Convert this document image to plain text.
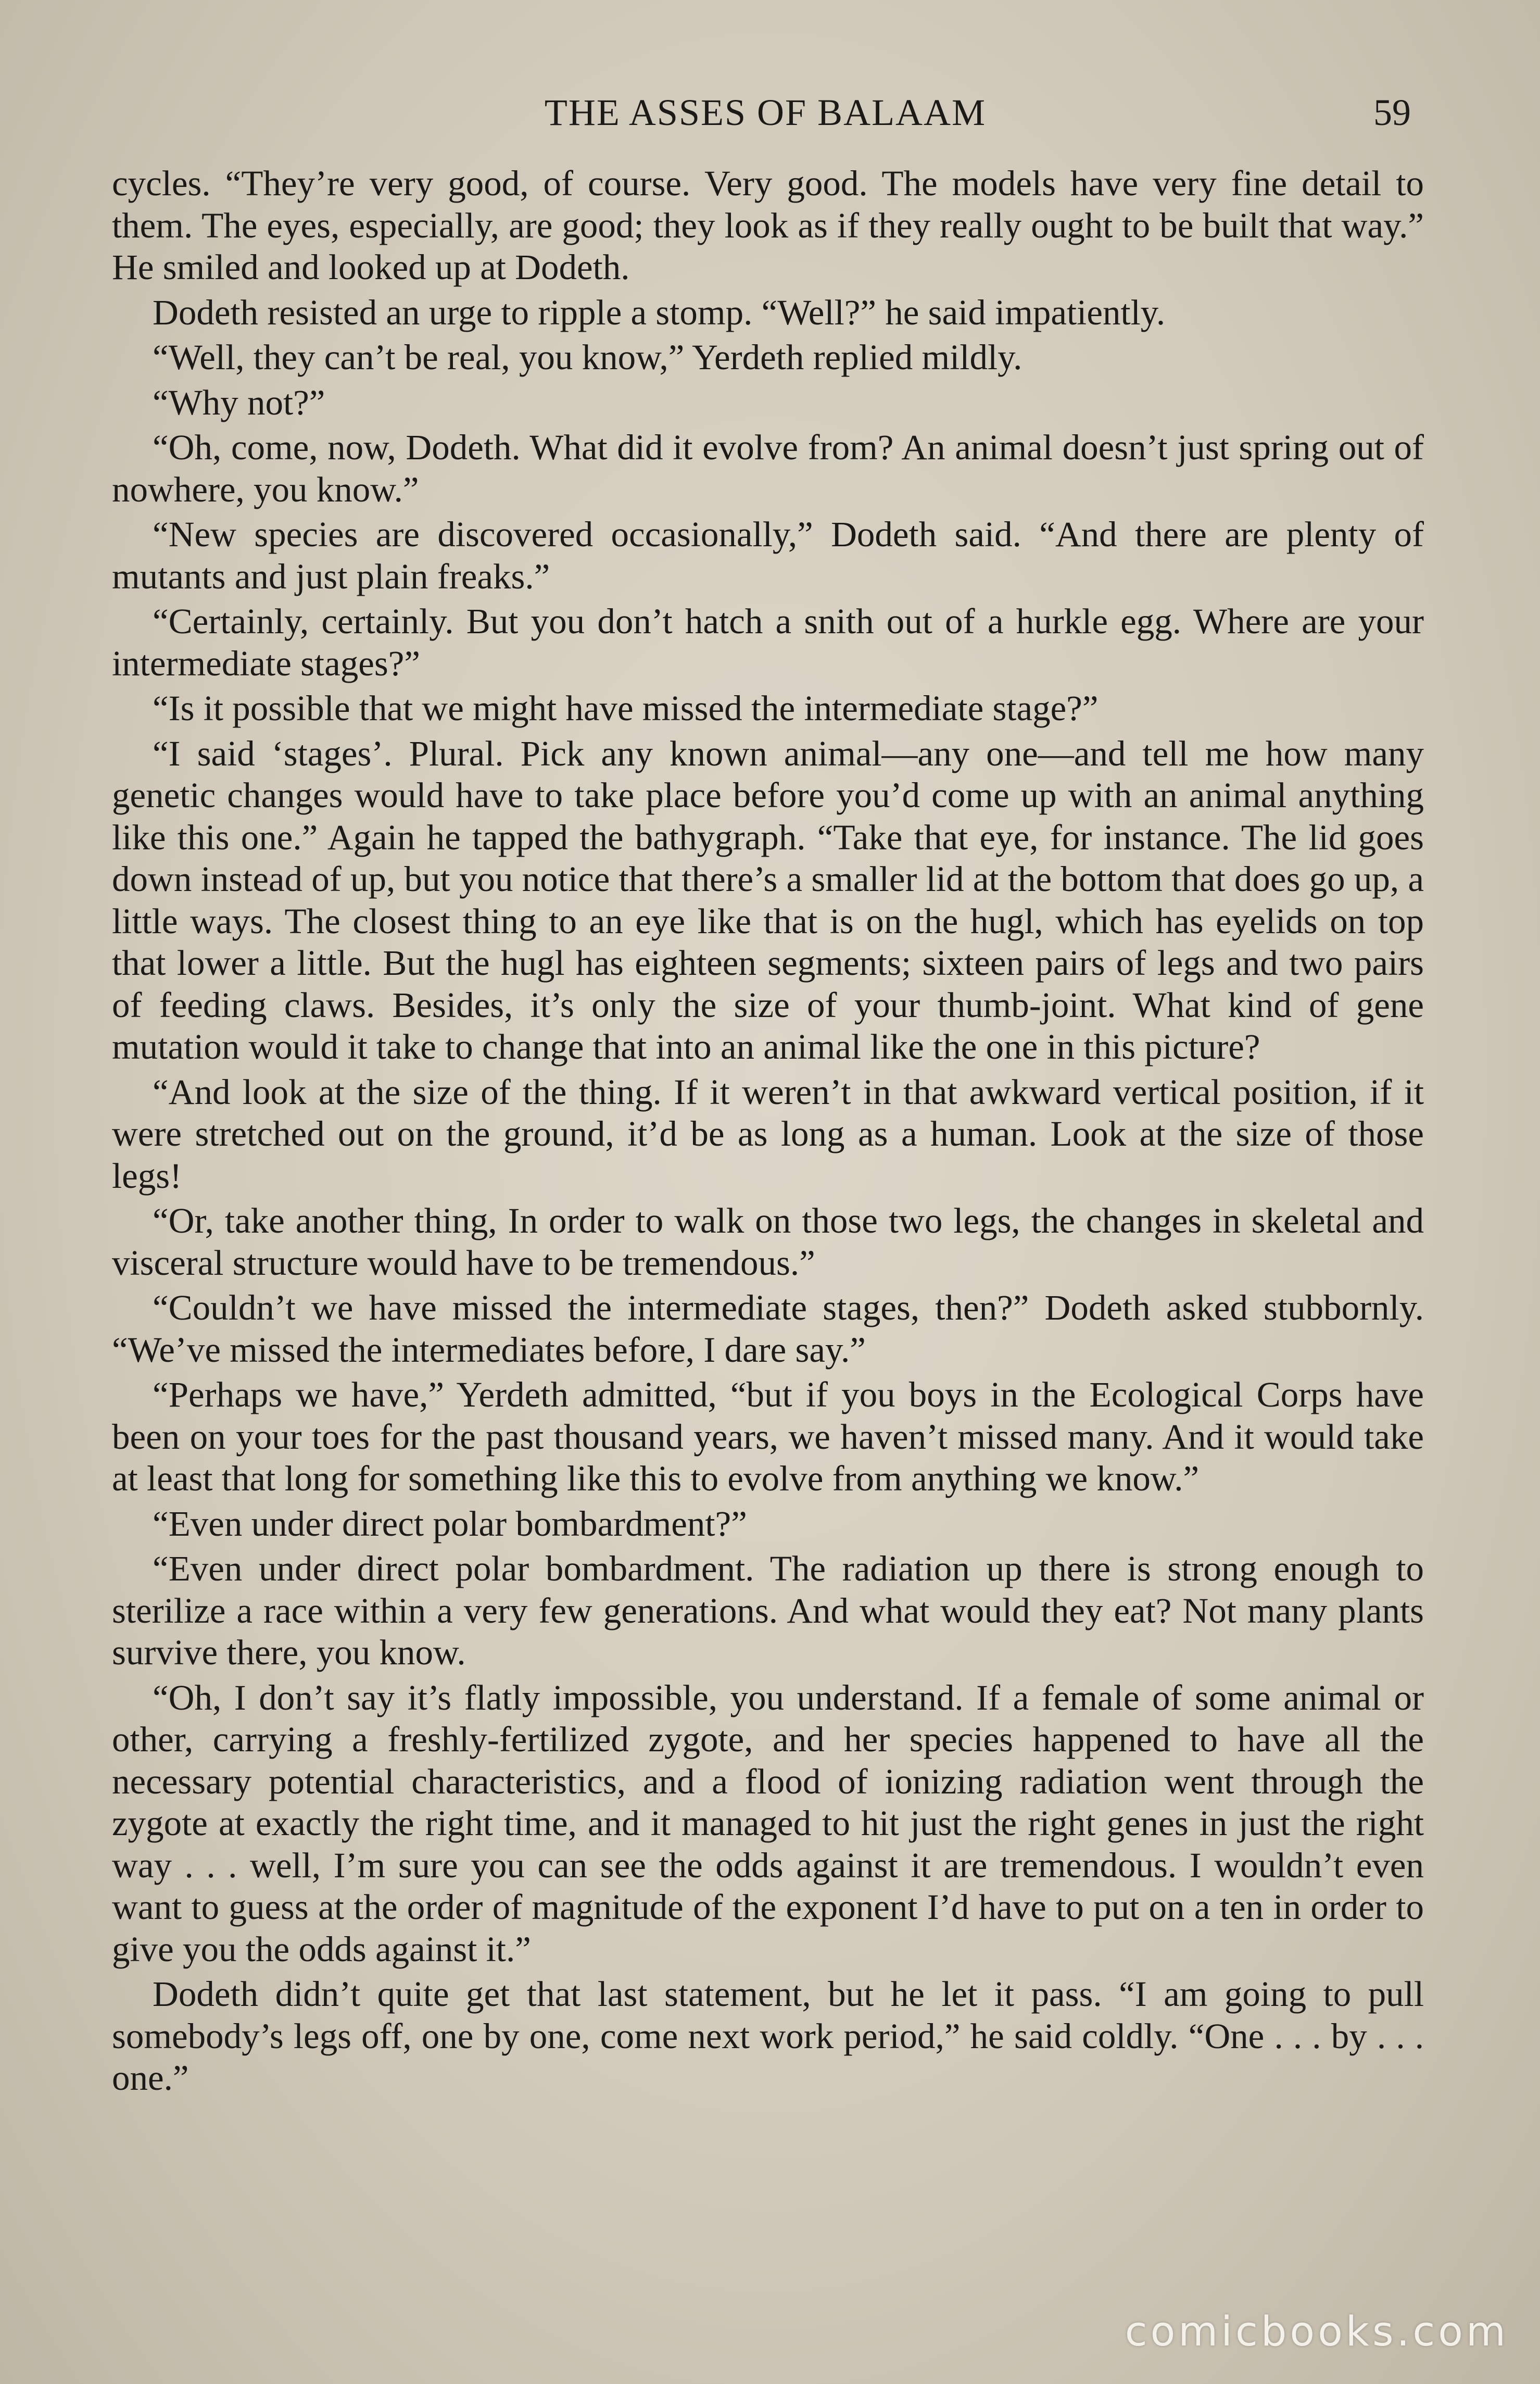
THE ASSES OF BALAAM	59

cycles. “They’re very good, of course. Very good. The models have very fine detail to them. The eyes, especially, are good; they look as if they really ought to be built that way.” He smiled and looked up at Dodeth.

Dodeth resisted an urge to ripple a stomp. “Well?” he said impatiently.

“Well, they can’t be real, you know,” Yerdeth replied mildly.

“Why not?”

“Oh, come, now, Dodeth. What did it evolve from? An animal doesn’t just spring out of nowhere, you know.”

“New species are discovered occasionally,” Dodeth said. “And there are plenty of mutants and just plain freaks.”

“Certainly, certainly. But you don’t hatch a snith out of a hurkle egg. Where are your intermediate stages?”

“Is it possible that we might have missed the intermediate stage?”

“I said ‘stages’. Plural. Pick any known animal—any one—and tell me how many genetic changes would have to take place before you’d come up with an animal anything like this one.” Again he tapped the bathygraph. “Take that eye, for instance. The lid goes down instead of up, but you notice that there’s a smaller lid at the bottom that does go up, a little ways. The closest thing to an eye like that is on the hugl, which has eyelids on top that lower a little. But the hugl has eighteen segments; sixteen pairs of legs and two pairs of feeding claws. Besides, it’s only the size of your thumb-joint. What kind of gene mutation would it take to change that into an animal like the one in this picture?

“And look at the size of the thing. If it weren’t in that awkward vertical position, if it were stretched out on the ground, it’d be as long as a human. Look at the size of those legs!

“Or, take another thing, In order to walk on those two legs, the changes in skeletal and visceral structure would have to be tremendous.”

“Couldn’t we have missed the intermediate stages, then?” Dodeth asked stubbornly. “We’ve missed the intermediates before, I dare say.”

“Perhaps we have,” Yerdeth admitted, “but if you boys in the Ecological Corps have been on your toes for the past thousand years, we haven’t missed many. And it would take at least that long for something like this to evolve from anything we know.”

“Even under direct polar bombardment?”

“Even under direct polar bombardment. The radiation up there is strong enough to sterilize a race within a very few generations. And what would they eat? Not many plants survive there, you know.

“Oh, I don’t say it’s flatly impossible, you understand. If a female of some animal or other, carrying a freshly-fertilized zygote, and her species happened to have all the necessary potential characteristics, and a flood of ionizing radiation went through the zygote at exactly the right time, and it managed to hit just the right genes in just the right way . . . well, I’m sure you can see the odds against it are tremendous. I wouldn’t even want to guess at the order of magnitude of the exponent I’d have to put on a ten in order to give you the odds against it.”

Dodeth didn’t quite get that last statement, but he let it pass. “I am going to pull somebody’s legs off, one by one, come next work period,” he said coldly. “One . . . by . . . one.”

comicbooks.com
